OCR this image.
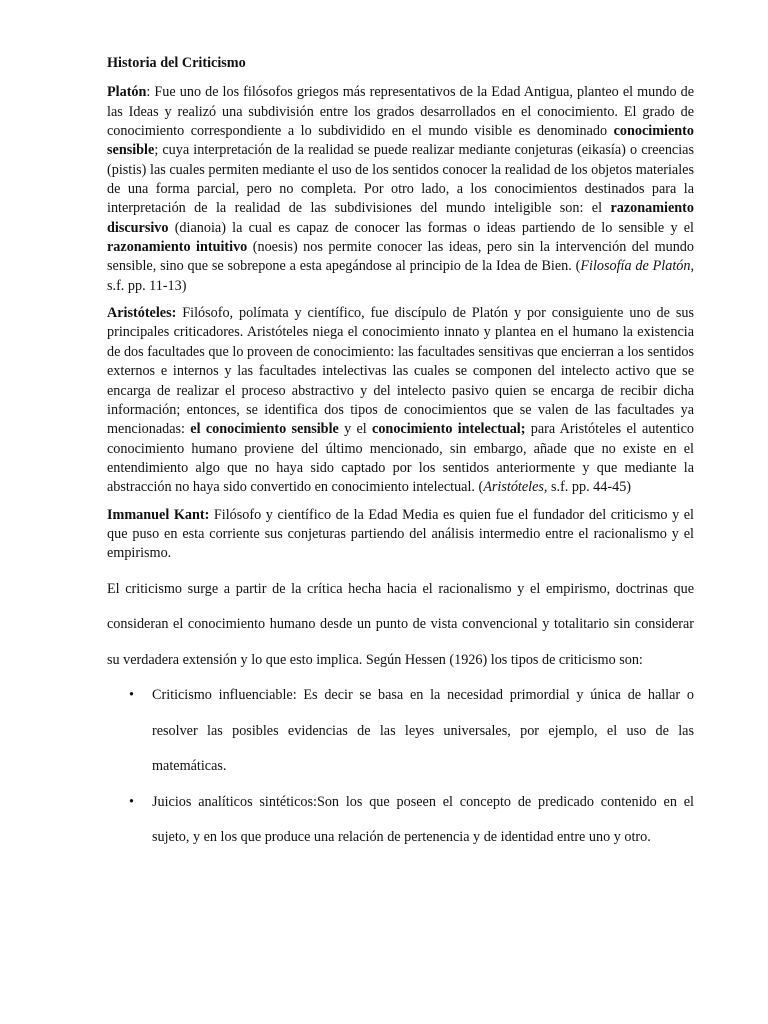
Historia del Criticismo

Platón: Fue uno de los filósofos griegos más representativos de la Edad Antigua, planteo el mundo de las Ideas y realizó una subdivisión entre los grados desarrollados en el conocimiento. El grado de conocimiento correspondiente a lo subdividido en el mundo visible es denominado conocimiento sensible; cuya interpretación de la realidad se puede realizar mediante conjeturas (eikasía) o creencias (pistis) las cuales permiten mediante el uso de los sentidos conocer la realidad de los objetos materiales de una forma parcial, pero no completa. Por otro lado, a los conocimientos destinados para la interpretación de la realidad de las subdivisiones del mundo inteligible son: el razonamiento discursivo (dianoia) la cual es capaz de conocer las formas o ideas partiendo de lo sensible y el razonamiento intuitivo (noesis) nos permite conocer las ideas, pero sin la intervención del mundo sensible, sino que se sobrepone a esta apegándose al principio de la Idea de Bien. (Filosofía de Platón, s.f. pp. 11-13)

Aristóteles: Filósofo, polímata y científico, fue discípulo de Platón y por consiguiente uno de sus principales criticadores. Aristóteles niega el conocimiento innato y plantea en el humano la existencia de dos facultades que lo proveen de conocimiento: las facultades sensitivas que encierran a los sentidos externos e internos y las facultades intelectivas las cuales se componen del intelecto activo que se encarga de realizar el proceso abstractivo y del intelecto pasivo quien se encarga de recibir dicha información; entonces, se identifica dos tipos de conocimientos que se valen de las facultades ya mencionadas: el conocimiento sensible y el conocimiento intelectual; para Aristóteles el autentico conocimiento humano proviene del último mencionado, sin embargo, añade que no existe en el entendimiento algo que no haya sido captado por los sentidos anteriormente y que mediante la abstracción no haya sido convertido en conocimiento intelectual. (Aristóteles, s.f. pp. 44-45)

Immanuel Kant: Filósofo y científico de la Edad Media es quien fue el fundador del criticismo y el que puso en esta corriente sus conjeturas partiendo del análisis intermedio entre el racionalismo y el empirismo.

El criticismo surge a partir de la crítica hecha hacia el racionalismo y el empirismo, doctrinas que consideran el conocimiento humano desde un punto de vista convencional y totalitario sin considerar su verdadera extensión y lo que esto implica. Según Hessen (1926) los tipos de criticismo son:

• Criticismo influenciable: Es decir se basa en la necesidad primordial y única de hallar o resolver las posibles evidencias de las leyes universales, por ejemplo, el uso de las matemáticas.
• Juicios analíticos sintéticos:Son los que poseen el concepto de predicado contenido en el sujeto, y en los que produce una relación de pertenencia y de identidad entre uno y otro.
